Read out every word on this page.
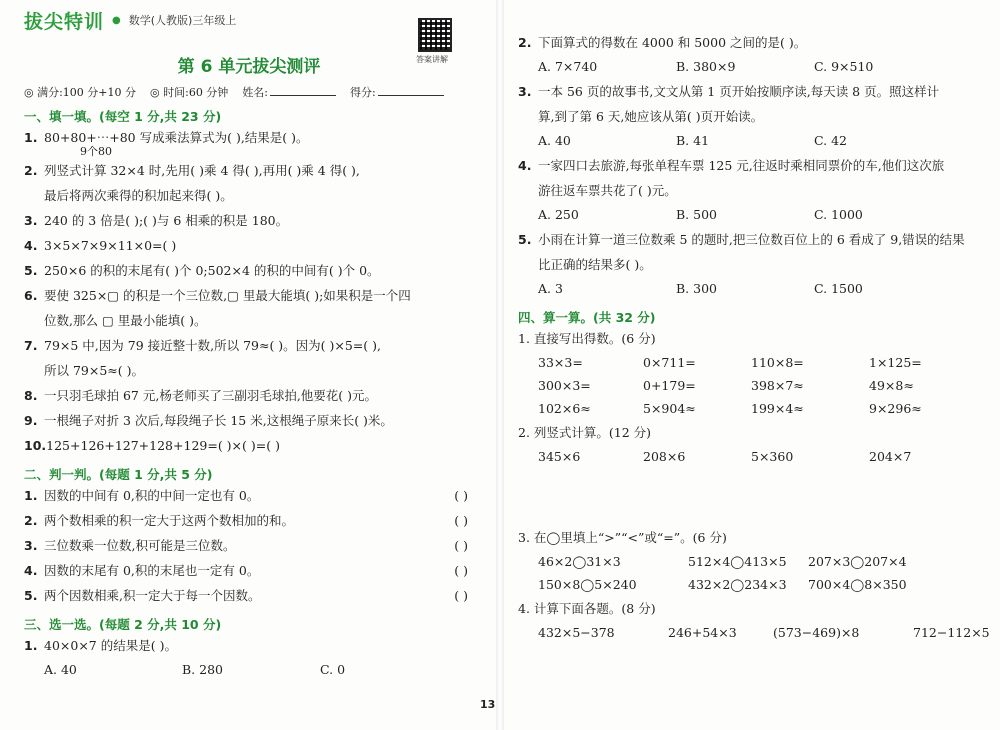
拔尖特训 ● 数学(人教版)三年级上
答案讲解
第 6 单元拔尖测评
◎ 满分:100 分+10 分 ◎ 时间:60 分钟 姓名:	得分:
一、填一填。(每空 1 分,共 23 分)
1. 80+80+⋯+80 写成乘法算式为( ),结果是( )。
9个80
2. 列竖式计算 32×4 时,先用( )乘 4 得( ),再用( )乘 4 得( ),
最后将两次乘得的积加起来得( )。
3. 240 的 3 倍是( );( )与 6 相乘的积是 180。
4. 3×5×7×9×11×0=( )
5. 250×6 的积的末尾有( )个 0;502×4 的积的中间有( )个 0。
6. 要使 325×▢ 的积是一个三位数,▢ 里最大能填( );如果积是一个四
位数,那么 ▢ 里最小能填( )。
7. 79×5 中,因为 79 接近整十数,所以 79≈( )。因为( )×5=( ),
所以 79×5≈( )。
8. 一只羽毛球拍 67 元,杨老师买了三副羽毛球拍,他要花( )元。
9. 一根绳子对折 3 次后,每段绳子长 15 米,这根绳子原来长( )米。
10.125+126+127+128+129=( )×( )=( )
二、判一判。(每题 1 分,共 5 分)
1. 因数的中间有 0,积的中间一定也有 0。	( )
2. 两个数相乘的积一定大于这两个数相加的和。	( )
3. 三位数乘一位数,积可能是三位数。	( )
4. 因数的末尾有 0,积的末尾也一定有 0。	( )
5. 两个因数相乘,积一定大于每一个因数。	( )
三、选一选。(每题 2 分,共 10 分)
1. 40×0×7 的结果是( )。
A. 40	B. 280	C. 0
2. 下面算式的得数在 4000 和 5000 之间的是( )。
A. 7×740	B. 380×9	C. 9×510
3. 一本 56 页的故事书,文文从第 1 页开始按顺序读,每天读 8 页。照这样计
算,到了第 6 天,她应该从第( )页开始读。
A. 40	B. 41	C. 42
4. 一家四口去旅游,每张单程车票 125 元,往返时乘相同票价的车,他们这次旅
游往返车票共花了( )元。
A. 250	B. 500	C. 1000
5. 小雨在计算一道三位数乘 5 的题时,把三位数百位上的 6 看成了 9,错误的结果
比正确的结果多( )。
A. 3	B. 300	C. 1500
四、算一算。(共 32 分)
1. 直接写出得数。(6 分)
33×3=	0×711=	110×8=	1×125=
300×3=	0+179=	398×7≈	49×8≈
102×6≈	5×904≈	199×4≈	9×296≈
2. 列竖式计算。(12 分)
345×6	208×6	5×360	204×7
3. 在◯里填上“>”“<”或“=”。(6 分)
46×2◯31×3	512×4◯413×5	207×3◯207×4
150×8◯5×240	432×2◯234×3	700×4◯8×350
4. 计算下面各题。(8 分)
432×5−378	246+54×3	(573−469)×8	712−112×5
13
